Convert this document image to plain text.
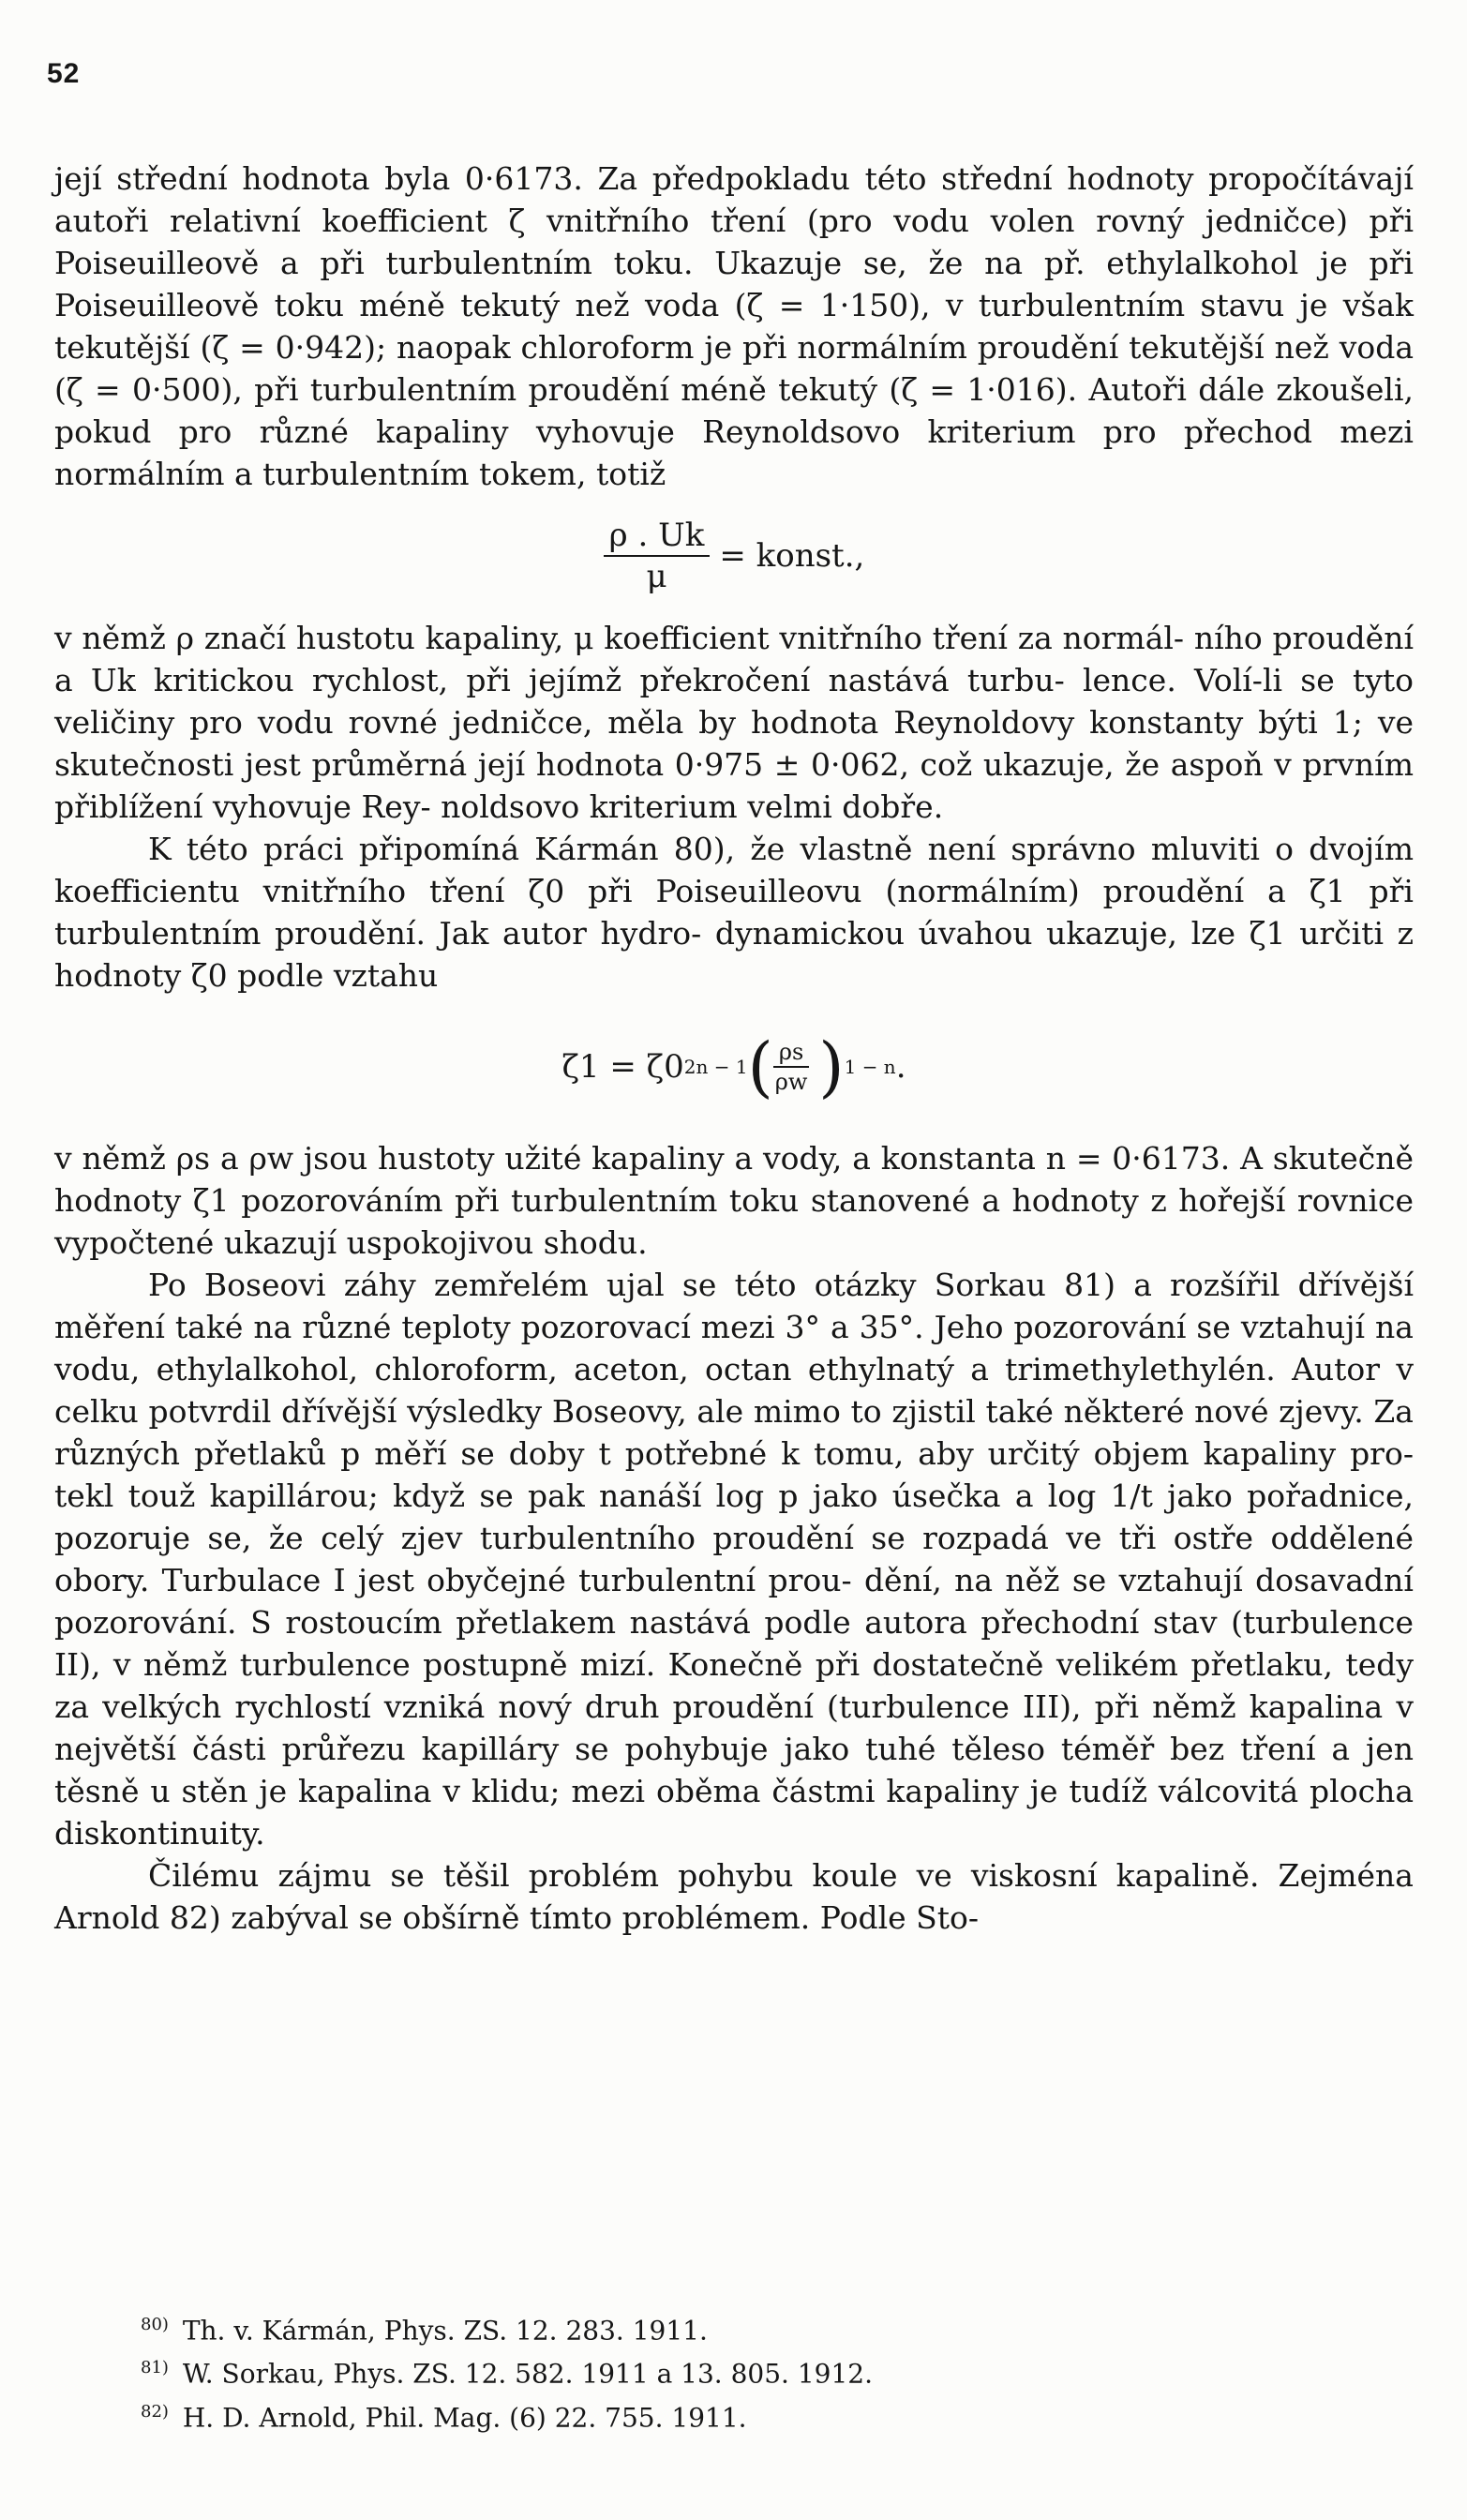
52

její střední hodnota byla 0·6173. Za předpokladu této střední hodnoty propočítávají autoři relativní koefficient ζ vnitřního tření (pro vodu volen rovný jedničce) při Poiseuilleově a při turbulentním toku. Ukazuje se, že na př. ethylalkohol je při Poiseuilleově toku méně tekutý než voda (ζ = 1·150), v turbulentním stavu je však tekutější (ζ = 0·942); naopak chloroform je při normálním proudění tekutější než voda (ζ = 0·500), při turbulentním proudění méně tekutý (ζ = 1·016). Autoři dále zkoušeli, pokud pro různé kapaliny vyhovuje Reynoldsovo kriterium pro přechod mezi normálním a turbulentním tokem, totiž

$\frac{\rho . Uk}{\mu}$ = konst.,

v němž ρ značí hustotu kapaliny, μ koefficient vnitřního tření za normál- ního proudění a Uk kritickou rychlost, při jejímž překročení nastává turbu- lence. Volí-li se tyto veličiny pro vodu rovné jedničce, měla by hodnota Reynoldovy konstanty býti 1; ve skutečnosti jest průměrná její hodnota 0·975 ± 0·062, což ukazuje, že aspoň v prvním přiblížení vyhovuje Rey- noldsovo kriterium velmi dobře.

K této práci připomíná Kármán 80), že vlastně není správno mluviti o dvojím koefficientu vnitřního tření ζ0 při Poiseuilleovu (normálním) proudění a ζ1 při turbulentním proudění. Jak autor hydro- dynamickou úvahou ukazuje, lze ζ1 určiti z hodnoty ζ0 podle vztahu

ζ1 =
ζ0 2n − 1 ( $\frac{\rho s}{\rho w}$ ) 1 − n .

v němž ρs a ρw jsou hustoty užité kapaliny a vody, a konstanta n = 0·6173. A skutečně hodnoty ζ1 pozorováním při turbulentním toku stanovené a hodnoty z hořejší rovnice vypočtené ukazují uspokojivou shodu.

Po Boseovi záhy zemřelém ujal se této otázky Sorkau 81) a rozšířil dřívější měření také na různé teploty pozorovací mezi 3° a 35°. Jeho pozorování se vztahují na vodu, ethylalkohol, chloroform, aceton, octan ethylnatý a trimethylethylén. Autor v celku potvrdil dřívější výsledky Boseovy, ale mimo to zjistil také některé nové zjevy. Za různých přetlaků p měří se doby t potřebné k tomu, aby určitý objem kapaliny pro- tekl touž kapillárou; když se pak nanáší log p jako úsečka a log 1/t jako pořadnice, pozoruje se, že celý zjev turbulentního proudění se rozpadá ve tři ostře oddělené obory. Turbulace I jest obyčejné turbulentní prou- dění, na něž se vztahují dosavadní pozorování. S rostoucím přetlakem nastává podle autora přechodní stav (turbulence II), v němž turbulence postupně mizí. Konečně při dostatečně velikém přetlaku, tedy za velkých rychlostí vzniká nový druh proudění (turbulence III), při němž kapalina v největší části průřezu kapilláry se pohybuje jako tuhé těleso téměř bez tření a jen těsně u stěn je kapalina v klidu; mezi oběma částmi kapaliny je tudíž válcovitá plocha diskontinuity.

Čilému zájmu se těšil problém pohybu koule ve viskosní kapalině. Zejména Arnold 82) zabýval se obšírně tímto problémem. Podle Sto-

$^{80)}$ Th. v. Kármán, Phys. ZS. 12. 283. 1911.

$^{81)}$ W. Sorkau, Phys. ZS. 12. 582. 1911 a 13. 805. 1912.

$^{82)}$ H. D. Arnold, Phil. Mag. (6) 22. 755. 1911.
